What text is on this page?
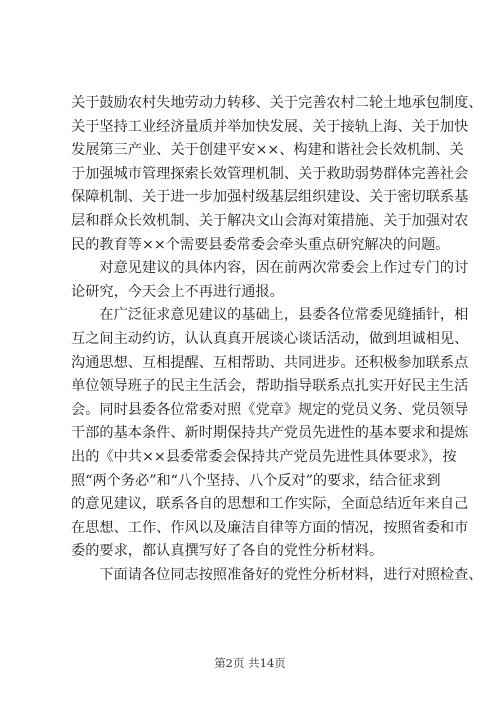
关于鼓励农村失地劳动力转移、关于完善农村二轮土地承包制度、
关于坚持工业经济量质并举加快发展、关于接轨上海、关于加快
发展第三产业、关于创建平安××、构建和谐社会长效机制、关
于加强城市管理探索长效管理机制、关于救助弱势群体完善社会
保障机制、关于进一步加强村级基层组织建设、关于密切联系基
层和群众长效机制、关于解决文山会海对策措施、关于加强对农
民的教育等××个需要县委常委会牵头重点研究解决的问题。

对意见建议的具体内容，因在前两次常委会上作过专门的讨
论研究，今天会上不再进行通报。

在广泛征求意见建议的基础上，县委各位常委见缝插针，相
互之间主动约访，认认真真开展谈心谈话活动，做到坦诚相见、
沟通思想、互相提醒、互相帮助、共同进步。还积极参加联系点
单位领导班子的民主生活会，帮助指导联系点扎实开好民主生活
会。同时县委各位常委对照《党章》规定的党员义务、党员领导
干部的基本条件、新时期保持共产党员先进性的基本要求和提炼
出的《中共××县委常委会保持共产党员先进性具体要求》，按
照“两个务必”和“八个坚持、八个反对”的要求，结合征求到
的意见建议，联系各自的思想和工作实际，全面总结近年来自己
在思想、工作、作风以及廉洁自律等方面的情况，按照省委和市
委的要求，都认真撰写好了各自的党性分析材料。

下面请各位同志按照准备好的党性分析材料，进行对照检查、

第2页 共14页
